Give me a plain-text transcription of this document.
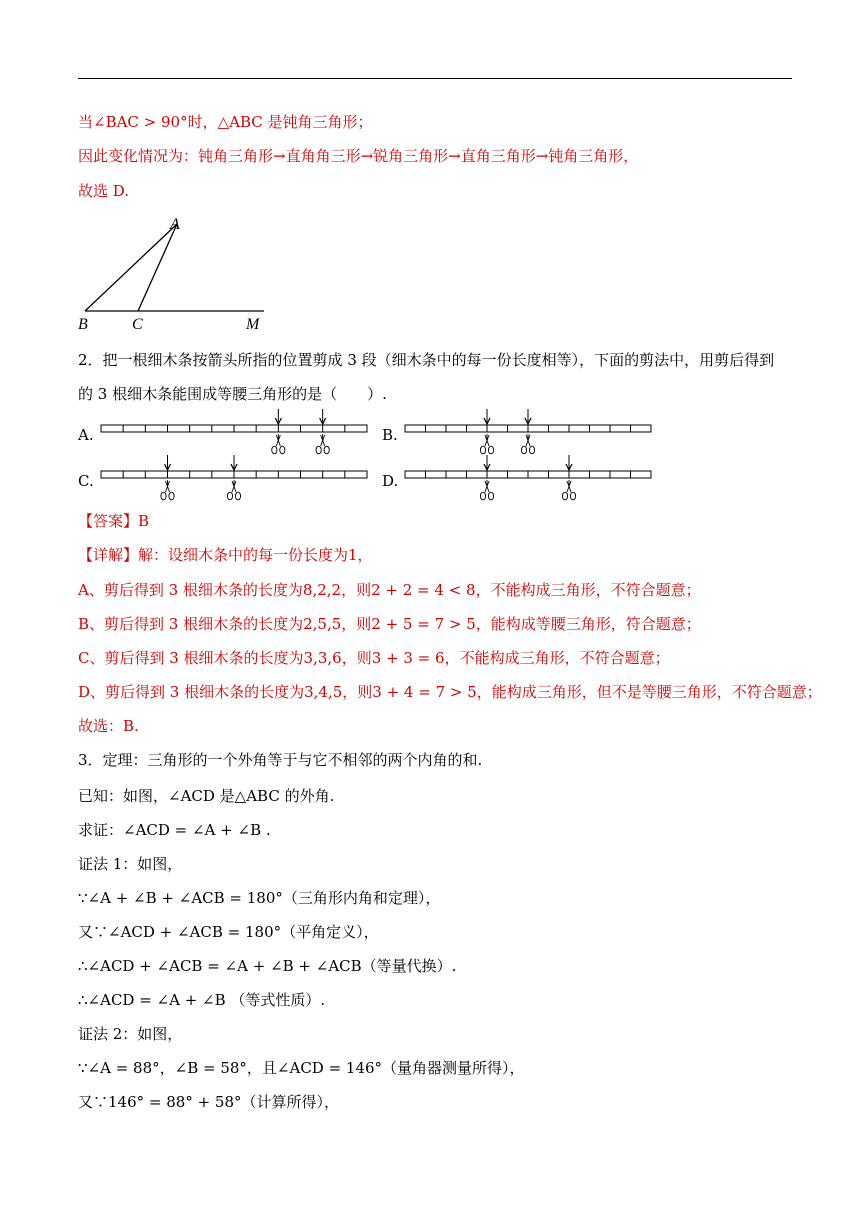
当∠BAC > 90°时，△ABC 是钝角三角形；
因此变化情况为：钝角三角形→直角角三形→锐角三角形→直角三角形→钝角三角形，
故选 D.
A
B	C	M
2．把一根细木条按箭头所指的位置剪成 3 段（细木条中的每一份长度相等），下面的剪法中，用剪后得到
的 3 根细木条能围成等腰三角形的是（　　）.
A.	B.
C.	D.
【答案】B
【详解】解：设细木条中的每一份长度为1，
A、剪后得到 3 根细木条的长度为8,2,2，则2 + 2 = 4 < 8，不能构成三角形，不符合题意；
B、剪后得到 3 根细木条的长度为2,5,5，则2 + 5 = 7 > 5，能构成等腰三角形，符合题意；
C、剪后得到 3 根细木条的长度为3,3,6，则3 + 3 = 6，不能构成三角形，不符合题意；
D、剪后得到 3 根细木条的长度为3,4,5，则3 + 4 = 7 > 5，能构成三角形，但不是等腰三角形，不符合题意；
故选：B.
3．定理：三角形的一个外角等于与它不相邻的两个内角的和.
已知：如图，∠ACD 是△ABC 的外角.
求证：∠ACD = ∠A + ∠B .
证法 1：如图，
∵∠A + ∠B + ∠ACB = 180°（三角形内角和定理），
又∵∠ACD + ∠ACB = 180°（平角定义），
∴∠ACD + ∠ACB = ∠A + ∠B + ∠ACB（等量代换）.
∴∠ACD = ∠A + ∠B （等式性质）.
证法 2：如图，
∵∠A = 88°，∠B = 58°，且∠ACD = 146°（量角器测量所得），
又∵146° = 88° + 58°（计算所得），
